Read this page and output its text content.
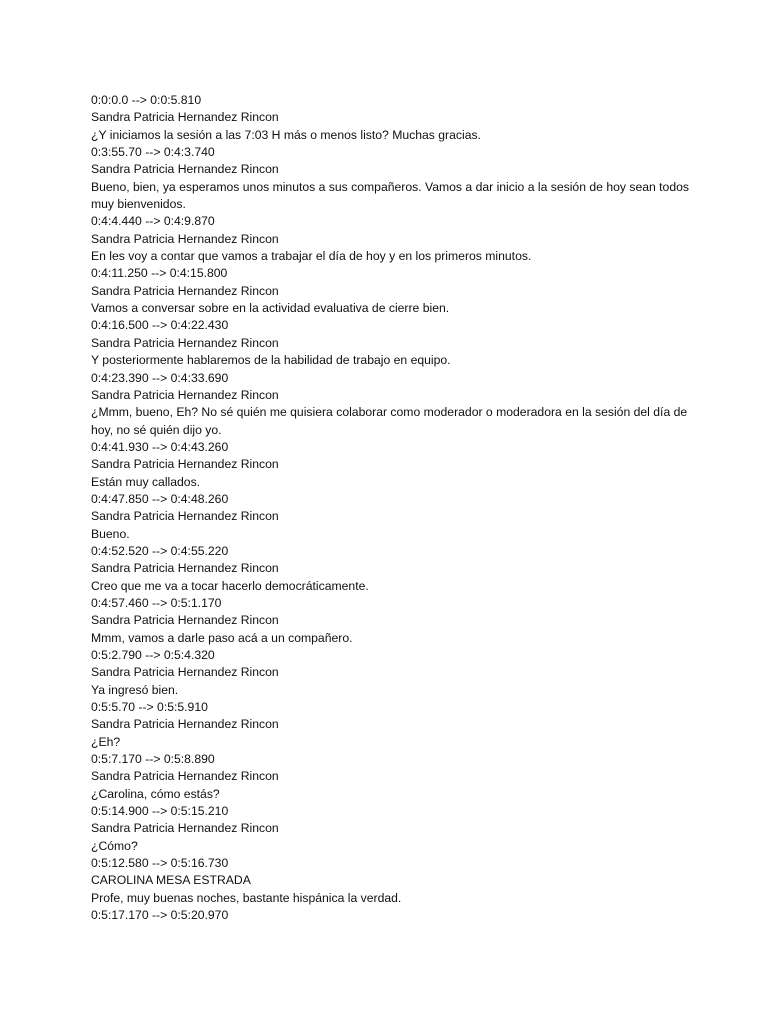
0:0:0.0 --> 0:0:5.810

Sandra Patricia Hernandez Rincon

¿Y iniciamos la sesión a las 7:03 H más o menos listo? Muchas gracias.

0:3:55.70 --> 0:4:3.740

Sandra Patricia Hernandez Rincon

Bueno, bien, ya esperamos unos minutos a sus compañeros. Vamos a dar inicio a la sesión de hoy sean todos muy bienvenidos.

0:4:4.440 --> 0:4:9.870

Sandra Patricia Hernandez Rincon

En les voy a contar que vamos a trabajar el día de hoy y en los primeros minutos.

0:4:11.250 --> 0:4:15.800

Sandra Patricia Hernandez Rincon

Vamos a conversar sobre en la actividad evaluativa de cierre bien.

0:4:16.500 --> 0:4:22.430

Sandra Patricia Hernandez Rincon

Y posteriormente hablaremos de la habilidad de trabajo en equipo.

0:4:23.390 --> 0:4:33.690

Sandra Patricia Hernandez Rincon

¿Mmm, bueno, Eh? No sé quién me quisiera colaborar como moderador o moderadora en la sesión del día de hoy, no sé quién dijo yo.

0:4:41.930 --> 0:4:43.260

Sandra Patricia Hernandez Rincon

Están muy callados.

0:4:47.850 --> 0:4:48.260

Sandra Patricia Hernandez Rincon

Bueno.

0:4:52.520 --> 0:4:55.220

Sandra Patricia Hernandez Rincon

Creo que me va a tocar hacerlo democráticamente.

0:4:57.460 --> 0:5:1.170

Sandra Patricia Hernandez Rincon

Mmm, vamos a darle paso acá a un compañero.

0:5:2.790 --> 0:5:4.320

Sandra Patricia Hernandez Rincon

Ya ingresó bien.

0:5:5.70 --> 0:5:5.910

Sandra Patricia Hernandez Rincon

¿Eh?

0:5:7.170 --> 0:5:8.890

Sandra Patricia Hernandez Rincon

¿Carolina, cómo estás?

0:5:14.900 --> 0:5:15.210

Sandra Patricia Hernandez Rincon

¿Cómo?

0:5:12.580 --> 0:5:16.730

CAROLINA MESA ESTRADA

Profe, muy buenas noches, bastante hispánica la verdad.

0:5:17.170 --> 0:5:20.970
